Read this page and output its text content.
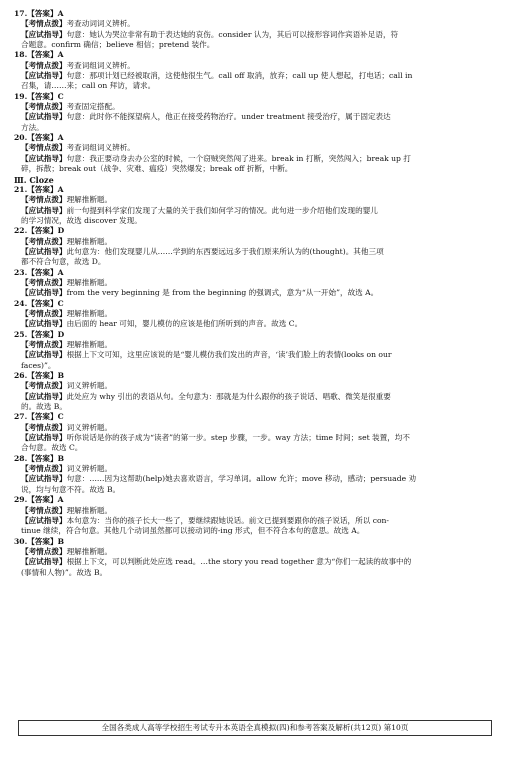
17.【答案】A
【考情点拨】考查动词词义辨析。
【应试指导】句意：她认为哭泣非常有助于表达她的哀伤。consider 认为，其后可以接形容词作宾语补足语，符
合题意。confirm 确信；believe 相信；pretend 装作。
18.【答案】A
【考情点拨】考查词组词义辨析。
【应试指导】句意：那项计划已经被取消，这使他很生气。call off 取消，放弃；call up 使人想起，打电话；call in
召集，请……来；call on 拜访，请求。
19.【答案】C
【考情点拨】考查固定搭配。
【应试指导】句意：此时你不能探望病人，他正在接受药物治疗。under treatment 接受治疗，属于固定表达
方法。
20.【答案】A
【考情点拨】考查词组词义辨析。
【应试指导】句意：我正要动身去办公室的时候，一个窃贼突然闯了进来。break in 打断，突然闯入；break up 打
碎，拆散；break out（战争、灾难、瘟疫）突然爆发；break off 折断，中断。
Ⅲ. Cloze
21.【答案】A
【考情点拨】理解推断题。
【应试指导】前一句提到科学家们发现了大量的关于我们如何学习的情况。此句进一步介绍他们发现的婴儿
的学习情况，故选 discover 发现。
22.【答案】D
【考情点拨】理解推断题。
【应试指导】此句意为：他们发现婴儿从……学到的东西要远远多于我们原来所认为的(thought)。其他三项
都不符合句意，故选 D。
23.【答案】A
【考情点拨】理解推断题。
【应试指导】from the very beginning 是 from the beginning 的强调式，意为“从一开始”，故选 A。
24.【答案】C
【考情点拨】理解推断题。
【应试指导】由后面的 hear 可知，婴儿模仿的应该是他们所听到的声音。故选 C。
25.【答案】D
【考情点拨】理解推断题。
【应试指导】根据上下文可知，这里应该说的是“婴儿模仿我们发出的声音，‘读’我们脸上的表情(looks on our
faces)”。
26.【答案】B
【考情点拨】词义辨析题。
【应试指导】此处应为 why 引出的表语从句。全句意为：那就是为什么跟你的孩子说话、唱歌、微笑是很重要
的。故选 B。
27.【答案】C
【考情点拨】词义辨析题。
【应试指导】听你说话是你的孩子成为“读者”的第一步。step 步骤，一步。way 方法；time 时间；set 装置，均不
合句意。故选 C。
28.【答案】B
【考情点拨】词义辨析题。
【应试指导】句意：……因为这帮助(help)她去喜欢语言，学习单词。allow 允许；move 移动，感动；persuade 劝
说，均与句意不符。故选 B。
29.【答案】A
【考情点拨】理解推断题。
【应试指导】本句意为：当你的孩子长大一些了，要继续跟她说话。前文已提到要跟你的孩子说话，所以 con-
tinue 继续，符合句意。其他几个动词虽然都可以接动词的-ing 形式，但不符合本句的意思。故选 A。
30.【答案】B
【考情点拨】理解推断题。
【应试指导】根据上下文，可以判断此处应选 read。…the story you read together 意为“你们一起读的故事中的
(事情和人物)”。故选 B。
全国各类成人高等学校招生考试专升本英语全真模拟(四)和参考答案及解析(共12页) 第10页
